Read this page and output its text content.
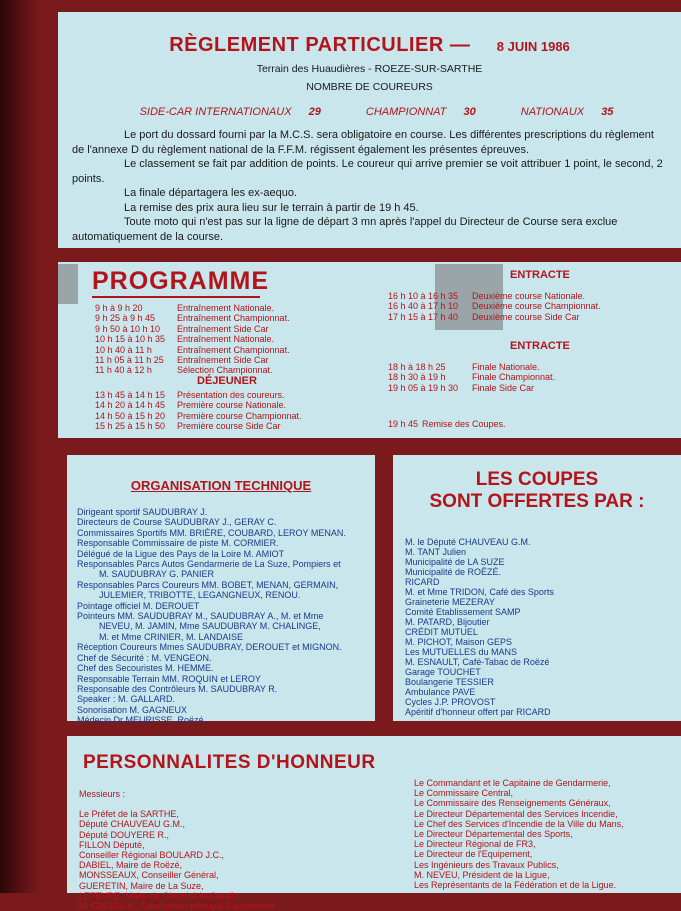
RÈGLEMENT PARTICULIER — 8 JUIN 1986
Terrain des Huaudières - ROEZE-SUR-SARTHE
NOMBRE DE COUREURS
SIDE-CAR INTERNATIONAUX 29	CHAMPIONNAT 30	NATIONAUX 35

Le port du dossard fourni par la M.C.S. sera obligatoire en course. Les différentes prescriptions du règlement de l'annexe D du règlement national de la F.F.M. régissent également les présentes épreuves.

Le classement se fait par addition de points. Le coureur qui arrive premier se voit attribuer 1 point, le second, 2 points.

La finale départagera les ex-aequo.

La remise des prix aura lieu sur le terrain à partir de 19 h 45.

Toute moto qui n'est pas sur la ligne de départ 3 mn après l'appel du Directeur de Course sera exclue automatiquement de la course.

PROGRAMME
9 h à 9 h 20	Entraînement Nationale.
9 h 25 à 9 h 45 Entraînement Championnat.
9 h 50 à 10 h 10 Entraînement Side Car
10 h 15 à 10 h 35 Entraînement Nationale.
10 h 40 à 11 h	Entraînement Championnat.
11 h 05 à 11 h 25 Entraînement Side Car
11 h 40 à 12 h	Sélection Championnat.
DÉJEUNER
13 h 45 à 14 h 15 Présentation des coureurs.
14 h 20 à 14 h 45 Première course Nationale.
14 h 50 à 15 h 20 Première course Championnat.
15 h 25 à 15 h 50 Première course Side Car
ENTRACTE
16 h 10 à 16 h 35 Deuxième course Nationale.
16 h 40 à 17 h 10 Deuxième course Championnat.
17 h 15 à 17 h 40 Deuxième course Side Car
ENTRACTE
18 h à 18 h 25	Finale Nationale.
18 h 30 à 19 h	Finale Championnat.
19 h 05 à 19 h 30 Finale Side Car
19 h 45 Remise des Coupes.
ORGANISATION TECHNIQUE
Dirigeant sportif SAUDUBRAY J.
Directeurs de Course SAUDUBRAY J., GERAY C.
Commissaires Sportifs MM. BRIÈRE, COUBARD, LEROY MENAN.
Responsable Commissaire de piste M. CORMIER.
Délégué de la Ligue des Pays de la Loire M. AMIOT
Responsables Parcs Autos Gendarmerie de La Suze, Pompiers et
M. SAUDUBRAY G. PANIER
Responsables Parcs Coureurs MM. BOBET, MENAN, GERMAIN,
JULEMIER, TRIBOTTE, LEGANGNEUX, RENOU.
Pointage officiel M. DEROUET
Pointeurs MM. SAUDUBRAY M., SAUDUBRAY A., M. et Mme
NEVEU, M. JAMIN, Mme SAUDUBRAY M. CHALINGE,
M. et Mme CRINIER, M. LANDAISE
Réception Coureurs Mmes SAUDUBRAY, DEROUET et MIGNON.
Chef de Sécurité : M. VENGEON.
Chef des Secouristes M. HEMME.
Responsable Terrain MM. ROQUIN et LEROY
Responsable des Contrôleurs M. SAUDUBRAY R.
Speaker : M. GALLARD.
Sonorisation M. GAGNEUX
Médecin Dr MEURISSE, Roëzé.
LES COUPES
SONT OFFERTES PAR :
M. le Député CHAUVEAU G.M.
M. TANT Julien
Municipalité de LA SUZE
Municipalité de ROËZÉ.
RICARD
M. et Mme TRIDON, Café des Sports
Graineterie MEZERAY
Comité Etablissement SAMP
M. PATARD, Bijoutier
CRÉDIT MUTUEL
M. PICHOT, Maison GEPS
Les MUTUELLES du MANS
M. ESNAULT, Café-Tabac de Roëzé
Garage TOUCHET
Boulangerie TESSIER
Ambulance PAVE
Cycles J.P. PROVOST
Apéritif d'honneur offert par RICARD
PERSONNALITES D'HONNEUR
Messieurs :
Le Préfet de la SARTHE,
Député CHAUVEAU G.M.,
Député DOUYERE R.,
FILLON Député,
Conseiller Régional BOULARD J.C.,
DABIEL, Maire de Roëzé,
MONSSEAUX, Conseiller Général,
GUERETIN, Maire de La Suze,
LEFEVRE, Maire de Chemiré-le-Gaudin,
M. CADIEU A., Conducteur principal Equipement
Le Commandant et le Capitaine de Gendarmerie,
Le Commissaire Central,
Le Commissaire des Renseignements Généraux,
Le Directeur Départemental des Services Incendie,
Le Chef des Services d'Incendie de la Ville du Mans,
Le Directeur Départemental des Sports,
Le Directeur Régional de FR3,
Le Directeur de l'Equipement,
Les Ingénieurs des Travaux Publics,
M. NEVEU, Président de la Ligue,
Les Représentants de la Fédération et de la Ligue.
